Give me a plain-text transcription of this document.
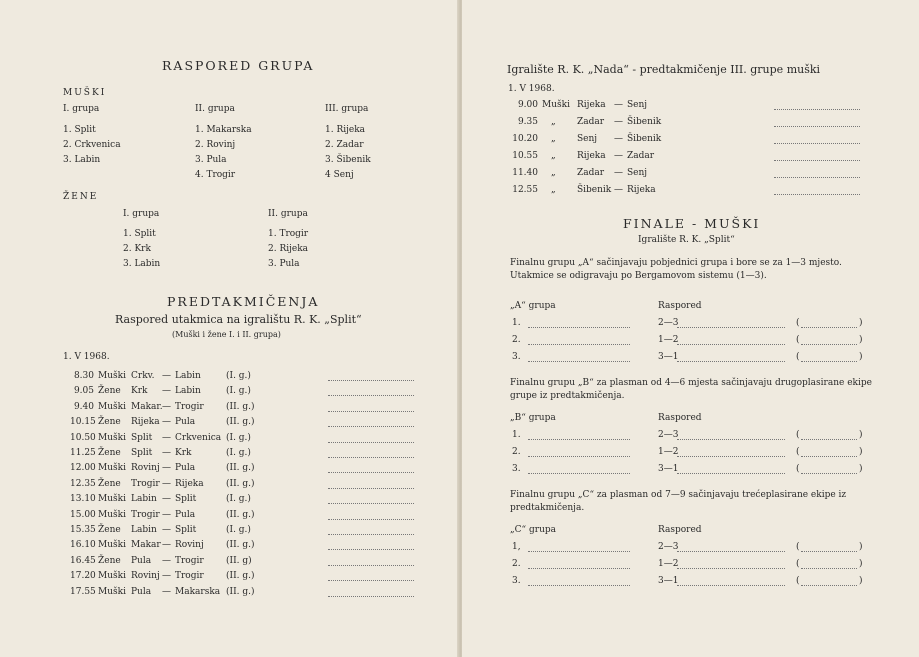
RASPORED GRUPA
MUŠKI
ŽENE
PREDTAKMIČENJA
Raspored utakmica na igralištu R. K. „Split“
(Muški i žene I. i II. grupa)
1. V 1968.
I. grupa
1. Split
2. Crkvenica
3. Labin
II. grupa
1. Makarska
2. Rovinj
3. Pula
4. Trogir
III. grupa
1. Rijeka
2. Zadar
3. Šibenik
4 Senj
I. grupa
1. Split
2. Krk
3. Labin
II. grupa
1. Trogir
2. Rijeka
3. Pula
8.30 Muški Crkv. — Labin	(I. g.)
9.05 Žene Krk — Labin	(I. g.)
9.40 Muški Makar. — Trogir (II. g.)
10.15 Žene Rijeka — Pula	(II. g.)
10.50 Muški Split — Crkvenica (I. g.)
11.25 Žene Split — Krk	(I. g.)
12.00 Muški Rovinj — Pula	(II. g.)
12.35 Žene Trogir — Rijeka (II. g.)
13.10 Muški Labin — Split	(I. g.)
15.00 Muški Trogir — Pula	(II. g.)
15.35 Žene Labin — Split	(I. g.)
16.10 Muški Makar — Rovinj (II. g.)
16.45 Žene Pula — Trogir (II. g)
17.20 Muški Rovinj — Trogir (II. g.)
17.55 Muški Pula — Makarska (II. g.)
Igralište R. K. „Nada“ - predtakmičenje III. grupe muški
1. V 1968.
FINALE - MUŠKI
Igralište R. K. „Split“
Finalnu grupu „A“ sačinjavaju pobjednici grupa i bore se za 1—3 mjesto. Utakmice se odigravaju po Bergamovom sistemu (1—3).
Finalnu grupu „B“ za plasman od 4—6 mjesta sačinjavaju drugoplasirane ekipe grupe iz predtakmičenja.
Finalnu grupu „C“ za plasman od 7—9 sačinjavaju trećeplasirane ekipe iz predtakmičenja.
9.00 Muški Rijeka — Senj
9.35 „ Zadar — Šibenik
10.20 „ Senj — Šibenik
10.55 „ Rijeka — Zadar
11.40 „ Zadar — Senj
12.55 „ Šibenik — Rijeka
„A“ grupa	Raspored
1.	2—3	(	)
2.	1—2	(	)
3.	3—1	(	)
„B“ grupa	Raspored
1.	2—3	(	)
2.	1—2	(	)
3.	3—1	(	)
„C“ grupa	Raspored
1,	2—3	(	)
2.	1—2	(	)
3.	3—1	(	)
